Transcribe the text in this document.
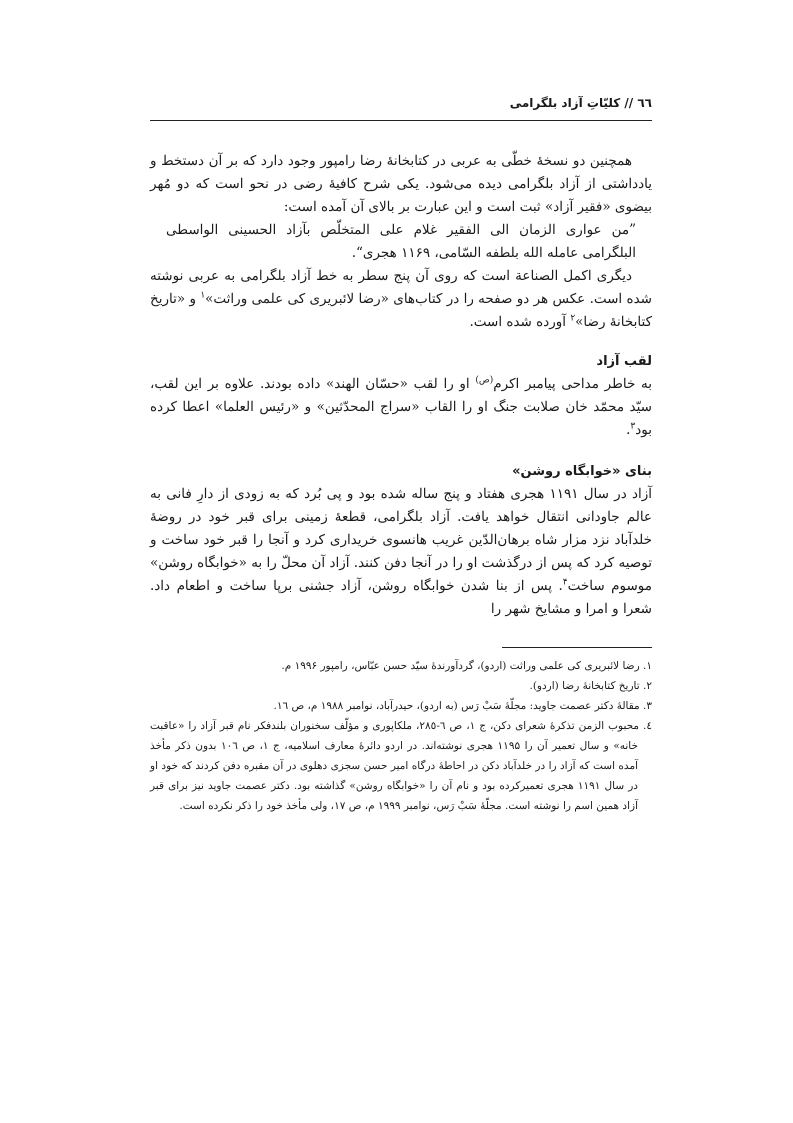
٦٦ // كلیّاتِ آزاد بلگرامی

همچنین دو نسخهٔ خطّی به عربی در کتابخانهٔ رضا رامپور وجود دارد که بر آن دستخط و یادداشتی از آزاد بلگرامی دیده می‌شود. یکی شرح کافیهٔ رضی در نحو است که دو مُهر بیضوی «فقیر آزاد» ثبت است و این عبارت بر بالای آن آمده است:

”من عواری الزمان الی الفقیر غلام علی المتخلّص بآزاد الحسینی الواسطی البلگرامی عامله الله بلطفه السّامی، ۱۱۶۹ هجری“.

دیگری اکمل الصناعة است که روی آن پنج سطر به خط آزاد بلگرامی به عربی نوشته شده است. عکس هر دو صفحه را در کتاب‌های «رضا لائبریری کی علمی وراثت»$^۱$ و «تاریخ کتابخانهٔ رضا»$^۲$ آورده شده است.

لقب آزاد

به خاطر مداحی پیامبر اکرم$^{(ص)}$ او را لقب «حسّان الهند» داده بودند. علاوه بر این لقب، سیّد محمّد خان صلابت جنگ او را القاب «سراج المحدّثین» و «رئیس العلما» اعطا کرده بود$^۳$.

بنای «خوابگاه روشن»

آزاد در سال ۱۱۹۱ هجری هفتاد و پنج ساله شده بود و پی بُرد که به زودی از دارِ فانی به عالم جاودانی انتقال خواهد یافت. آزاد بلگرامی، قطعهٔ زمینی برای قبر خود در روضهٔ خلدآباد نزد مزار شاه برهان‌الدّین غریب هانسوی خریداری کرد و آنجا را قبر خود ساخت و توصیه کرد که پس از درگذشت او را در آنجا دفن کنند. آزاد آن محلّ را به «خوابگاه روشن» موسوم ساخت$^۴$. پس از بنا شدن خوابگاه روشن، آزاد جشنی برپا ساخت و اطعام داد. شعرا و امرا و مشایخ شهر را

۱. رضا لائبریری کی علمی وراثت (اردو)، گردآورندهٔ سیّد حسن عبّاس، رامپور ۱۹۹۶ م.

۲. تاریخ کتابخانهٔ رضا (اردو).

۳. مقالهٔ دکتر عصمت جاوید: مجلّهٔ سَبْ رَس (به اردو)، حیدرآباد، نوامبر ۱۹۸۸ م، ص ۱٦.

٤. محبوب الزمن تذکرهٔ شعرای دکن، ج ۱، ص ٦-٢٨٥، ملکاپوری و مؤلّف سخنوران بلندفکر نام قبر آزاد را «عاقبت خانه» و سال تعمیر آن را ۱۱۹۵ هجری نوشته‌اند. در اردو دائرهٔ معارف اسلامیه، ج ۱، ص ۱۰٦ بدون ذکر مأخذ آمده است که آزاد را در خلدآباد دکن در احاطهٔ درگاه امیر حسن سجزی دهلوی در آن مقبره دفن کردند که خود او در سال ۱۱۹۱ هجری تعمیرکرده بود و نام آن را «خوابگاه روشن» گذاشته بود. دکتر عصمت جاوید نیز برای قبر آزاد همین اسم را نوشته است. مجلّهٔ سَبْ رَس، نوامبر ۱۹۹۹ م، ص ۱۷، ولی مأخذ خود را ذکر نکرده است.
